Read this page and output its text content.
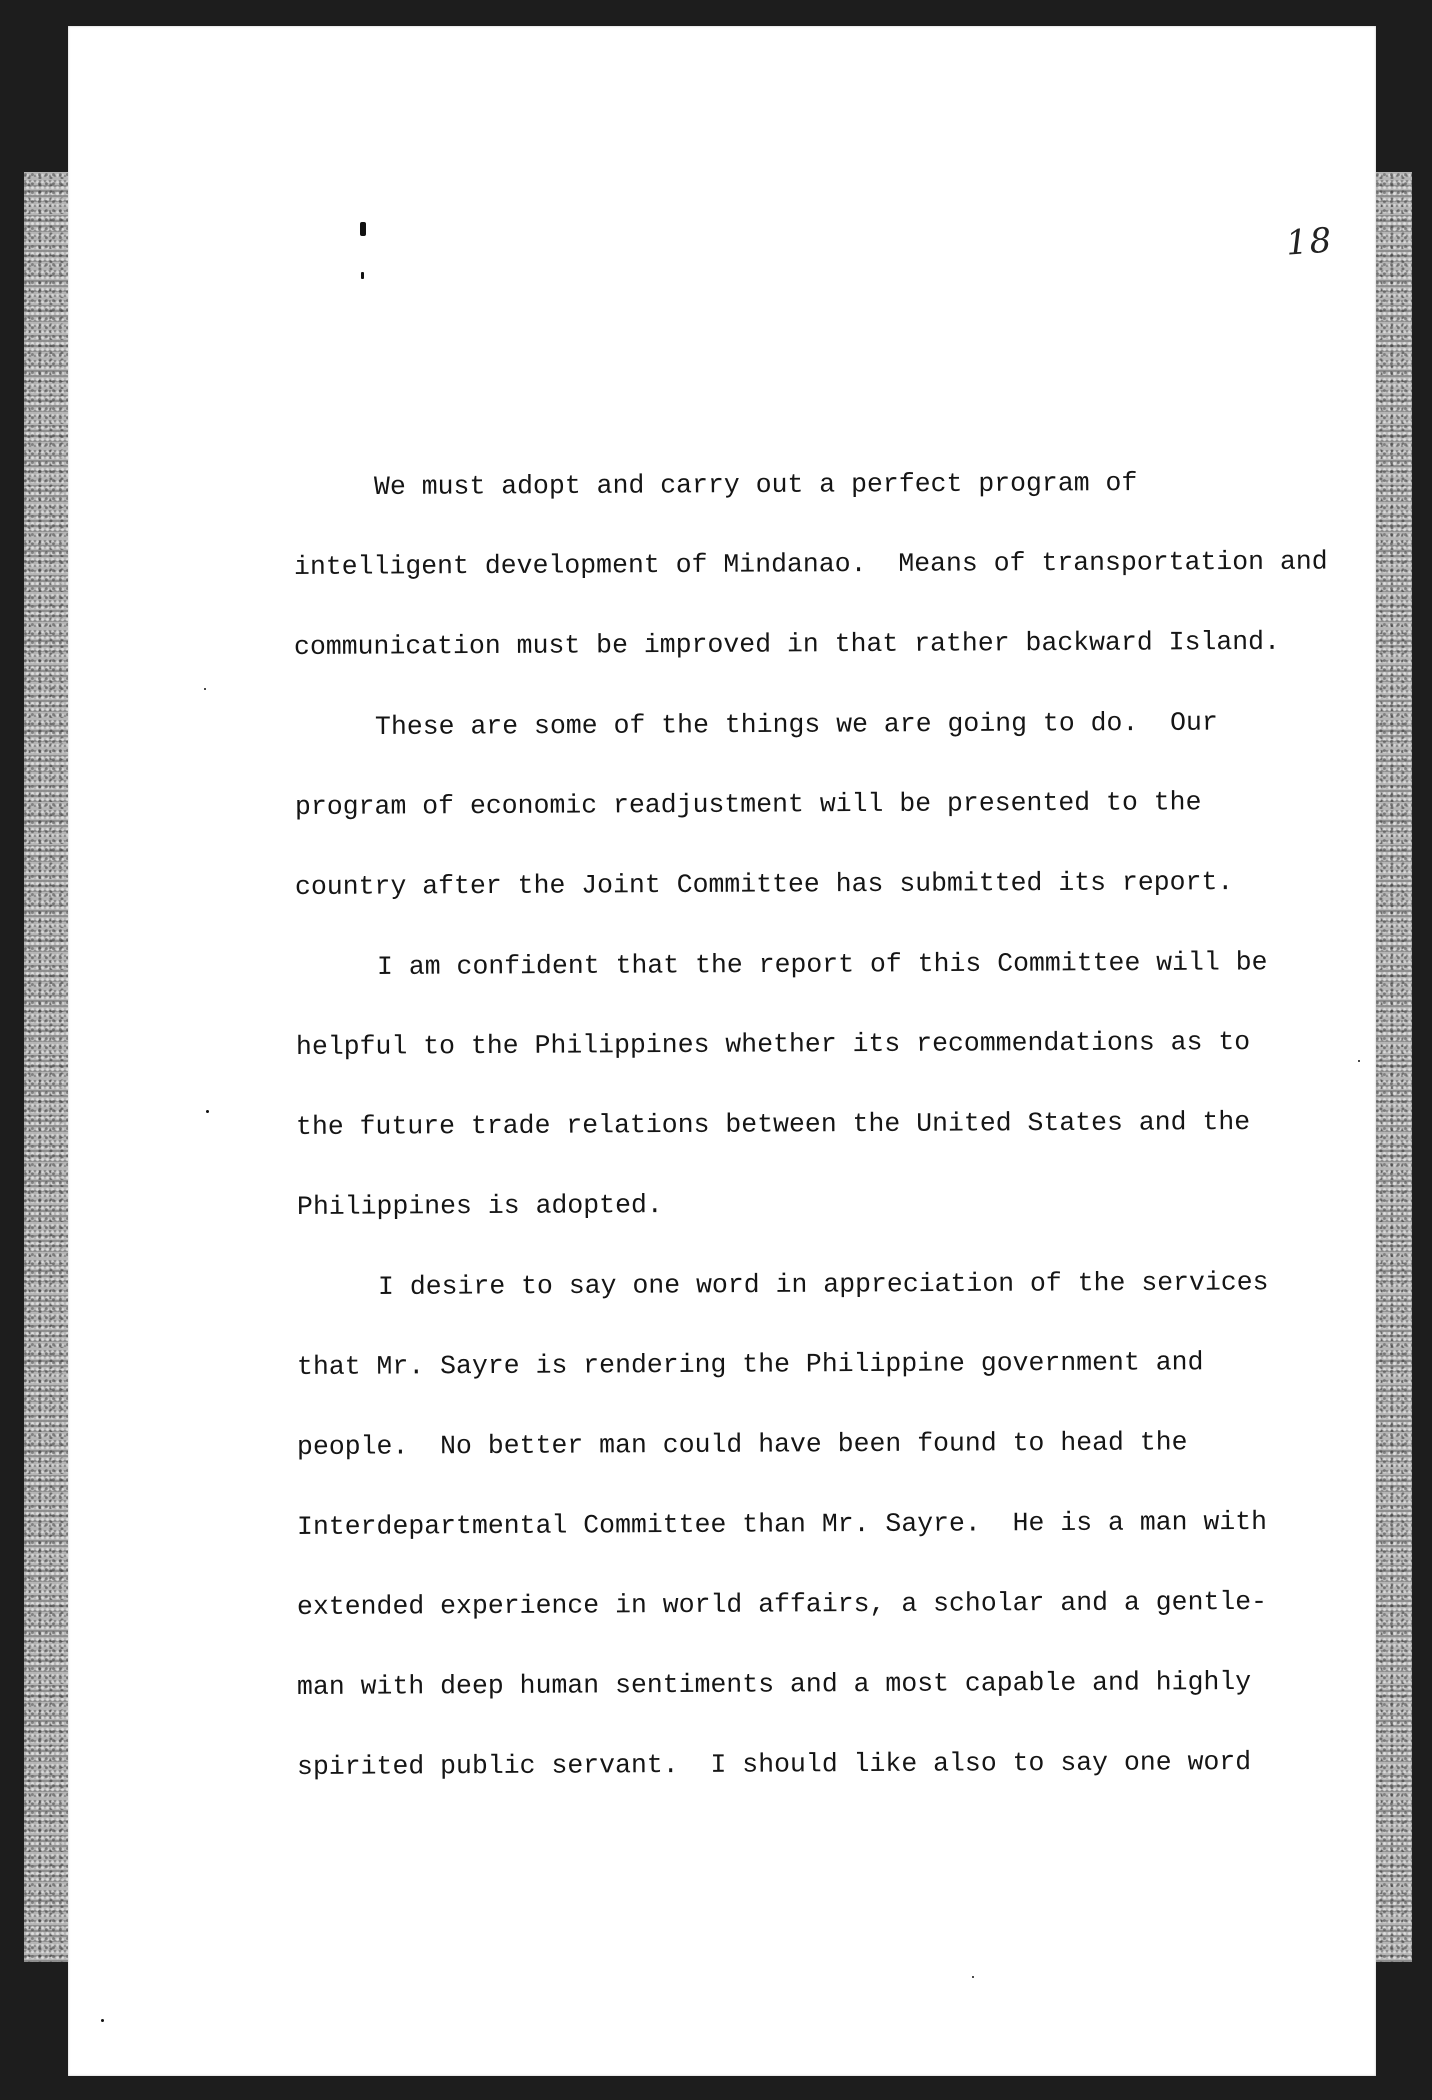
18

We must adopt and carry out a perfect program of

intelligent development of Mindanao.  Means of transportation and

communication must be improved in that rather backward Island.

These are some of the things we are going to do.  Our

program of economic readjustment will be presented to the

country after the Joint Committee has submitted its report.

I am confident that the report of this Committee will be

helpful to the Philippines whether its recommendations as to

the future trade relations between the United States and the

Philippines is adopted.

I desire to say one word in appreciation of the services

that Mr. Sayre is rendering the Philippine government and

people.  No better man could have been found to head the

Interdepartmental Committee than Mr. Sayre.  He is a man with

extended experience in world affairs, a scholar and a gentle-

man with deep human sentiments and a most capable and highly

spirited public servant.  I should like also to say one word
